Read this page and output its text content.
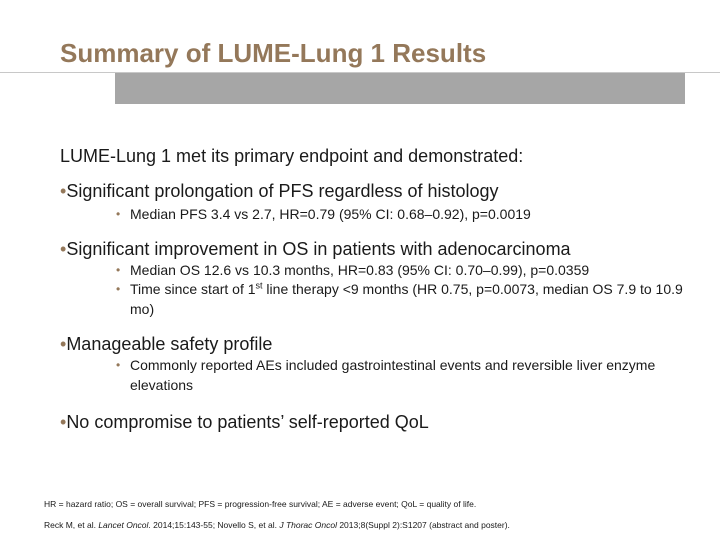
Summary of LUME-Lung 1 Results
LUME-Lung 1 met its primary endpoint and demonstrated:
•Significant prolongation of PFS regardless of histology
• Median PFS 3.4 vs 2.7, HR=0.79 (95% CI: 0.68–0.92), p=0.0019
•Significant improvement in OS in patients with adenocarcinoma
• Median OS 12.6 vs 10.3 months, HR=0.83 (95% CI: 0.70–0.99), p=0.0359
• Time since start of 1st line therapy <9 months (HR 0.75, p=0.0073, median OS 7.9 to 10.9 mo)
•Manageable safety profile
• Commonly reported AEs included gastrointestinal events and reversible liver enzyme elevations
•No compromise to patients’ self-reported QoL
HR = hazard ratio; OS = overall survival; PFS = progression-free survival; AE = adverse event; QoL = quality of life.
Reck M, et al. Lancet Oncol. 2014;15:143-55; Novello S, et al. J Thorac Oncol 2013;8(Suppl 2):S1207 (abstract and poster).
